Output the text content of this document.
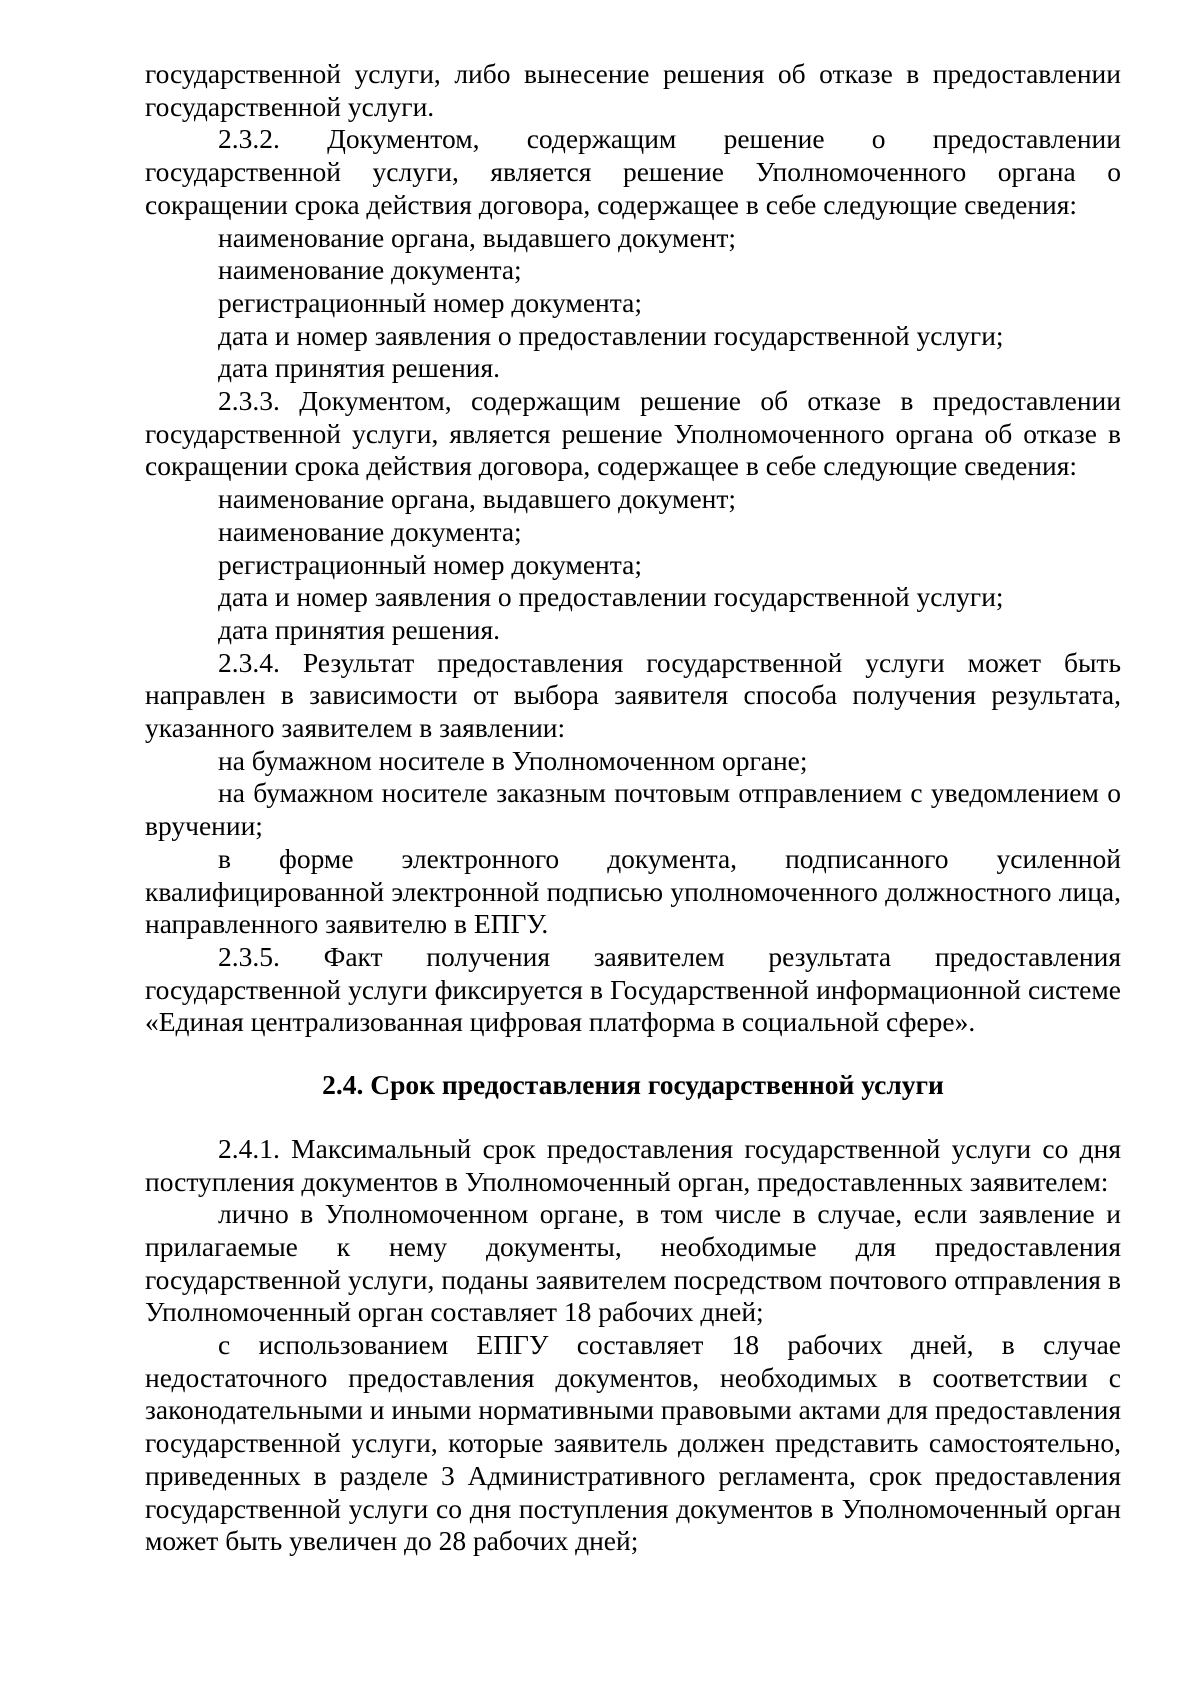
государственной услуги, либо вынесение решения об отказе в предоставлении государственной услуги.

2.3.2. Документом, содержащим решение о предоставлении государственной услуги, является решение Уполномоченного органа о сокращении срока действия договора, содержащее в себе следующие сведения:

наименование органа, выдавшего документ;

наименование документа;

регистрационный номер документа;

дата и номер заявления о предоставлении государственной услуги;

дата принятия решения.

2.3.3. Документом, содержащим решение об отказе в предоставлении государственной услуги, является решение Уполномоченного органа об отказе в сокращении срока действия договора, содержащее в себе следующие сведения:

наименование органа, выдавшего документ;

наименование документа;

регистрационный номер документа;

дата и номер заявления о предоставлении государственной услуги;

дата принятия решения.

2.3.4. Результат предоставления государственной услуги может быть направлен в зависимости от выбора заявителя способа получения результата, указанного заявителем в заявлении:

на бумажном носителе в Уполномоченном органе;

на бумажном носителе заказным почтовым отправлением с уведомлением о вручении;

в форме электронного документа, подписанного усиленной квалифицированной электронной подписью уполномоченного должностного лица, направленного заявителю в ЕПГУ.

2.3.5. Факт получения заявителем результата предоставления государственной услуги фиксируется в Государственной информационной системе «Единая централизованная цифровая платформа в социальной сфере».

2.4. Срок предоставления государственной услуги

2.4.1. Максимальный срок предоставления государственной услуги со дня поступления документов в Уполномоченный орган, предоставленных заявителем:

лично в Уполномоченном органе, в том числе в случае, если заявление и прилагаемые к нему документы, необходимые для предоставления государственной услуги, поданы заявителем посредством почтового отправления в Уполномоченный орган составляет 18 рабочих дней;

с использованием ЕПГУ составляет 18 рабочих дней, в случае недостаточного предоставления документов, необходимых в соответствии с законодательными и иными нормативными правовыми актами для предоставления государственной услуги, которые заявитель должен представить самостоятельно, приведенных в разделе 3 Административного регламента, срок предоставления государственной услуги со дня поступления документов в Уполномоченный орган может быть увеличен до 28 рабочих дней;
